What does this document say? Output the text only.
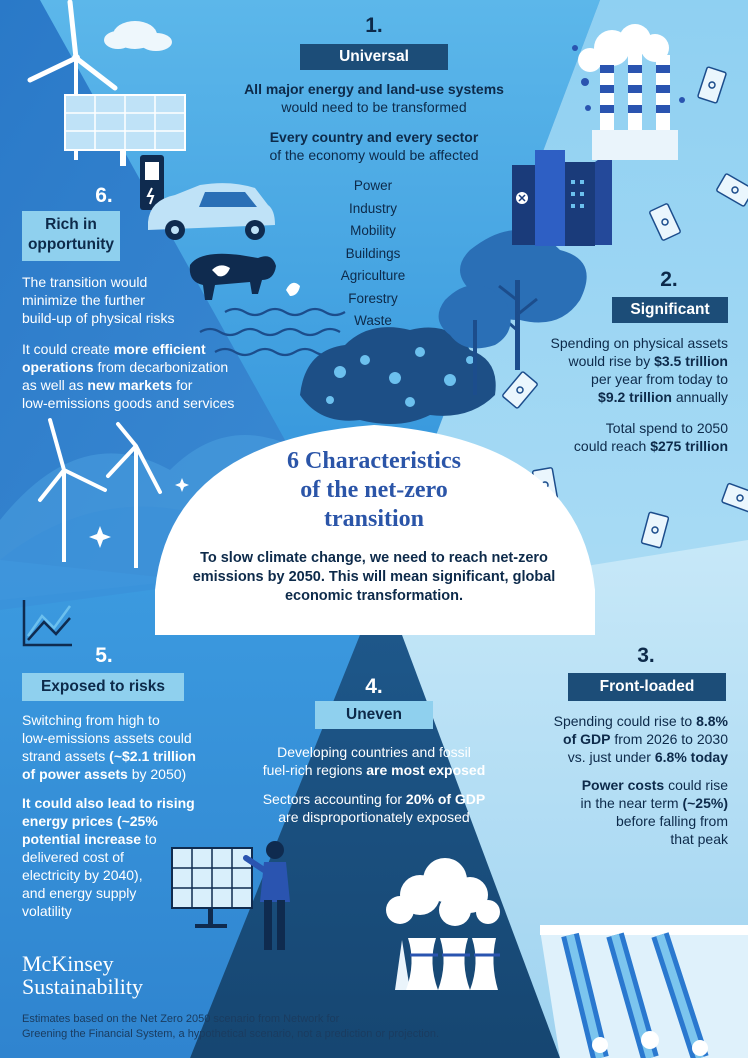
1.
Universal
All major energy and land-use systems
would need to be transformed
Every country and every sector
of the economy would be affected
Power
Industry
Mobility
Buildings
Agriculture
Forestry
Waste
2.
Significant
Spending on physical assets
would rise by $3.5 trillion
per year from today to
$9.2 trillion annually
Total spend to 2050
could reach $275 trillion
3.
Front-loaded
Spending could rise to 8.8%
of GDP from 2026 to 2030
vs. just under 6.8% today
Power costs could rise
in the near term (~25%)
before falling from
that peak
4.
Uneven
Developing countries and fossil
fuel-rich regions are most exposed
Sectors accounting for 20% of GDP
are disproportionately exposed
5.
Exposed to risks
Switching from high to
low-emissions assets could
strand assets (~$2.1 trillion
of power assets by 2050)
It could also lead to rising
energy prices (~25%
potential increase to
delivered cost of
electricity by 2040),
and energy supply
volatility
6.
Rich in
opportunity
The transition would
minimize the further
build-up of physical risks
It could create more efficient
operations from decarbonization
as well as new markets for
low-emissions goods and services
6 Characteristics
of the net-zero
transition
To slow climate change, we need to reach net-zero
emissions by 2050. This will mean significant, global
economic transformation.
McKinsey
Sustainability
Estimates based on the Net Zero 2050 scenario from Network for
Greening the Financial System, a hypothetical scenario, not a prediction or projection.
